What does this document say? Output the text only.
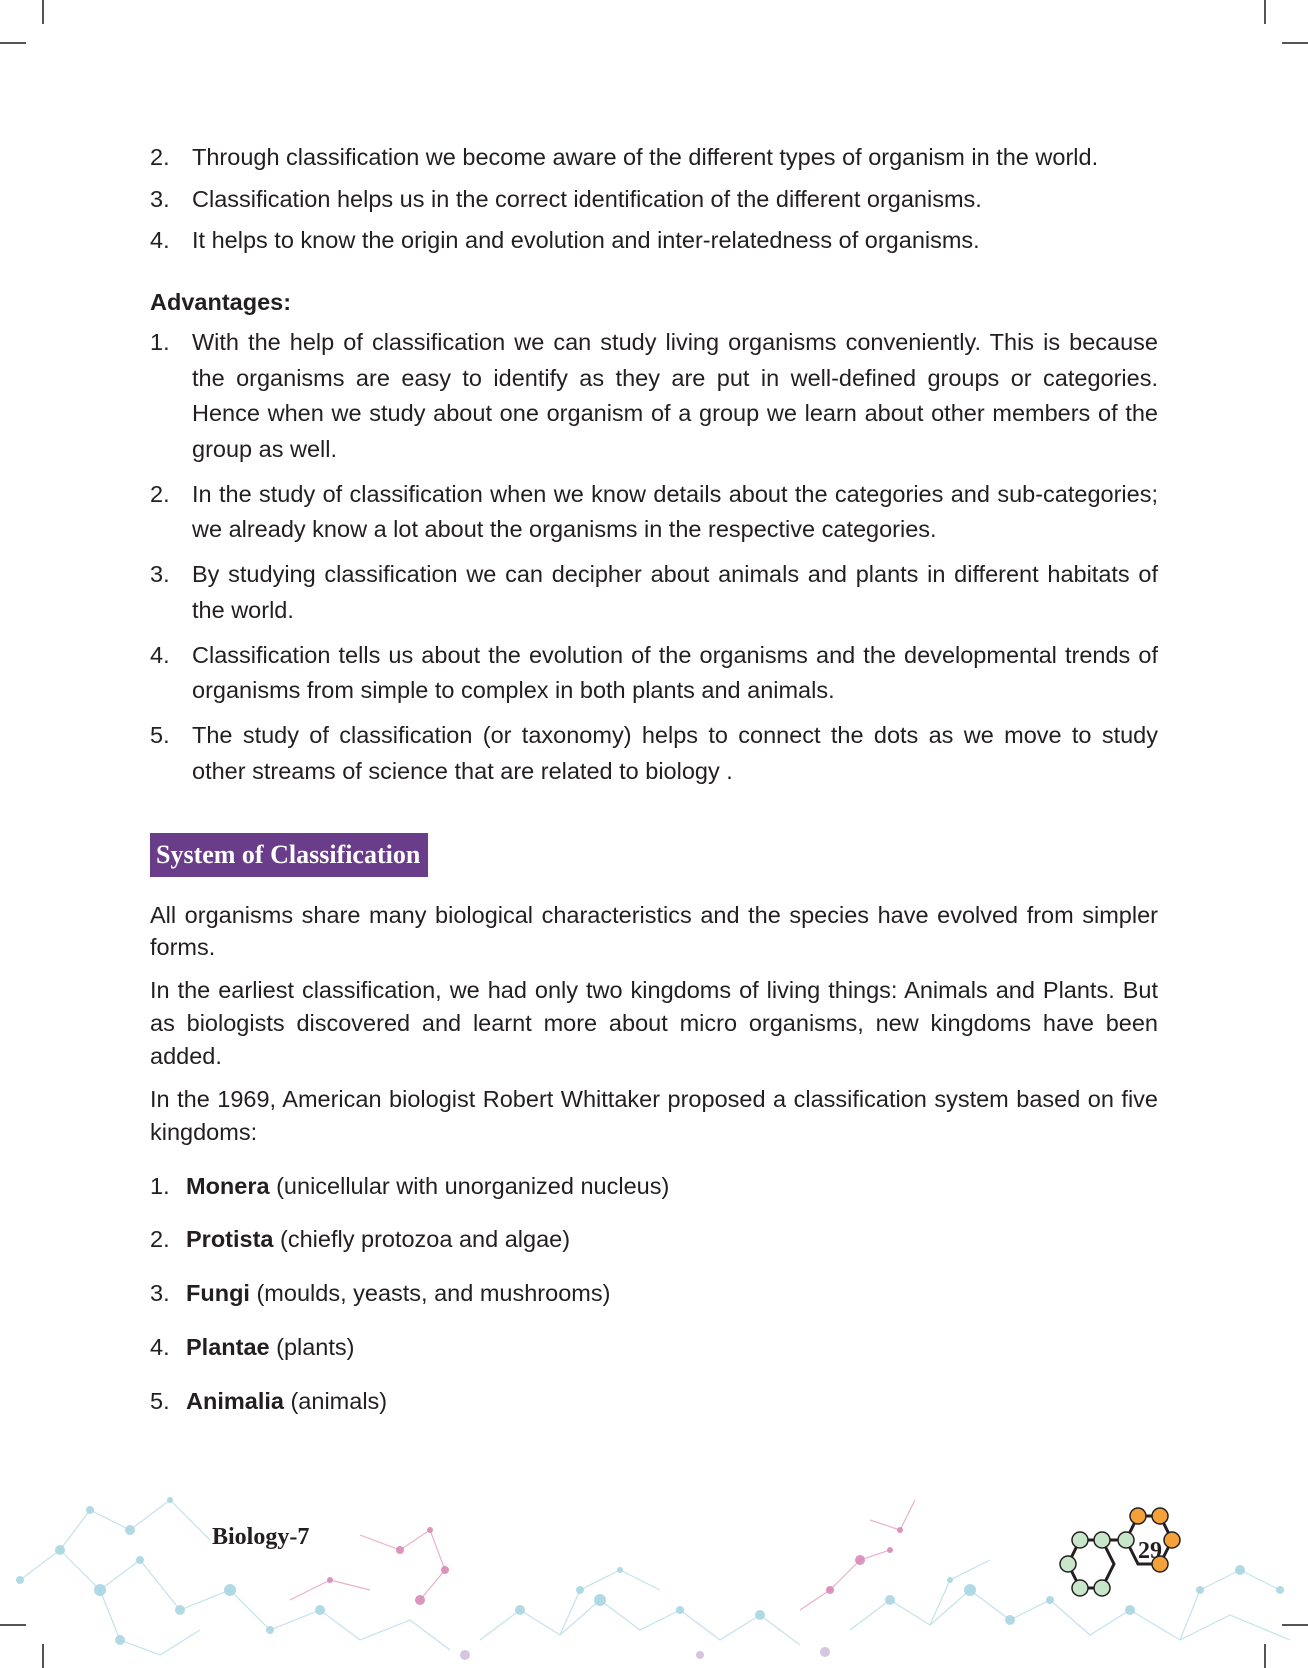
2. Through classification we become aware of the different types of organism in the world.
3. Classification helps us in the correct identification of the different organisms.
4. It helps to know the origin and evolution and inter-relatedness of organisms.
Advantages:
1. With the help of classification we can study living organisms conveniently. This is because the organisms are easy to identify as they are put in well-defined groups or categories. Hence when we study about one organism of a group we learn about other members of the group as well.
2. In the study of classification when we know details about the categories and sub-categories; we already know a lot about the organisms in the respective categories.
3. By studying classification we can decipher about animals and plants in different habitats of the world.
4. Classification tells us about the evolution of the organisms and the developmental trends of organisms from simple to complex in both plants and animals.
5. The study of classification (or taxonomy) helps to connect the dots as we move to study other streams of science that are related to biology .
System of Classification
All organisms share many biological characteristics and the species have evolved from simpler forms.
In the earliest classification, we had only two kingdoms of living things: Animals and Plants. But as biologists discovered and learnt more about micro organisms, new kingdoms have been added.
In the 1969, American biologist Robert Whittaker proposed a classification system based on five kingdoms:
1. Monera (unicellular with unorganized nucleus)
2. Protista (chiefly protozoa and algae)
3. Fungi (moulds, yeasts, and mushrooms)
4. Plantae (plants)
5. Animalia (animals)
Biology-7
29
